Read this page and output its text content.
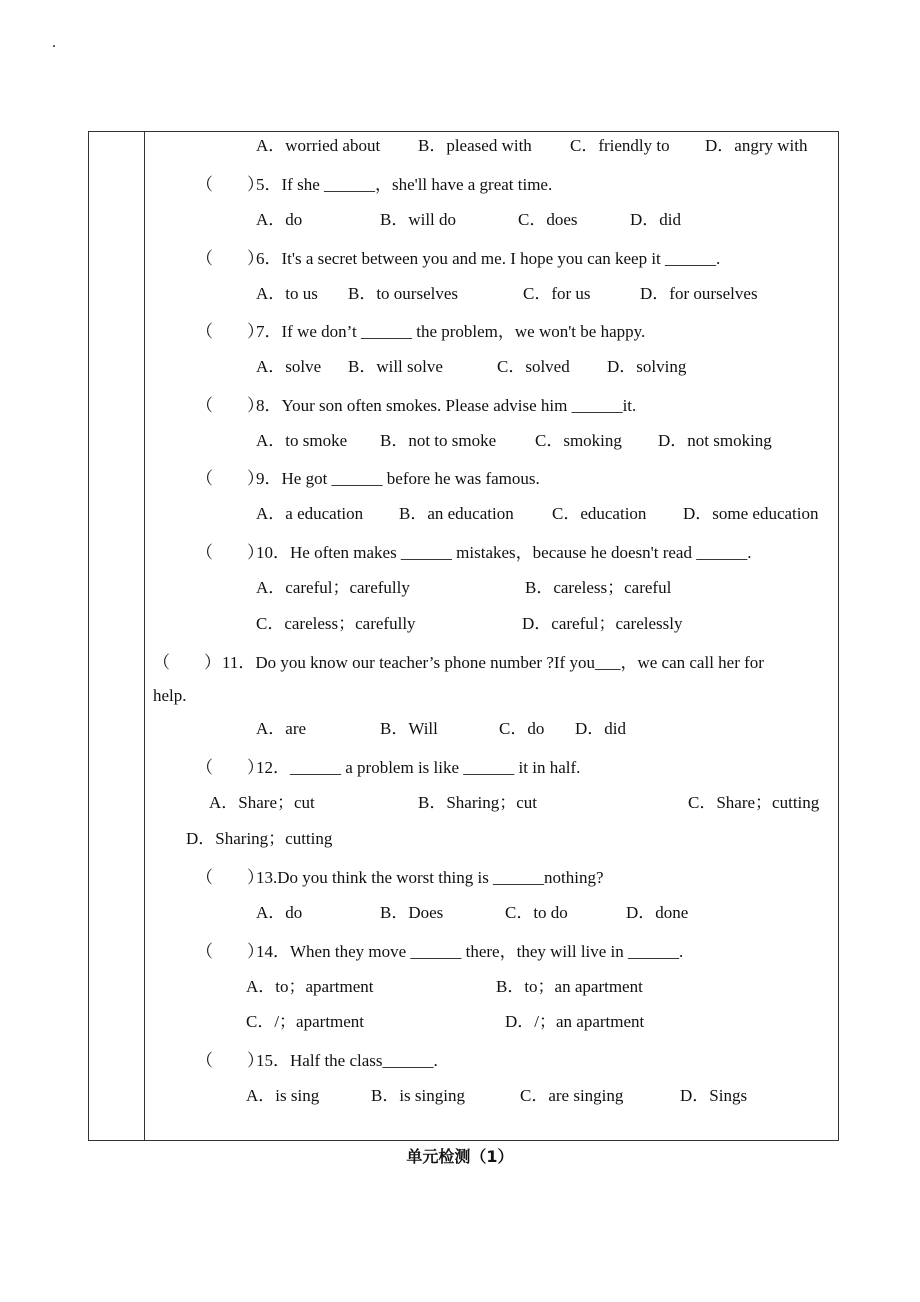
.
A．worried about B．pleased with C．friendly to D．angry with
（　　）
5．If she ______，she'll have a great time.
A．do	B．will do	C．does	D．did
（　　）
6．It's a secret between you and me. I hope you can keep it ______.
A．to us B．to ourselves	C．for us	D．for ourselves
（　　）
7．If we don’t ______ the problem，we won't be happy.
A．solve B．will solve	C．solved D．solving
（　　）
8．Your son often smokes. Please advise him ______it.
A．to smoke B．not to smoke C．smoking D．not smoking
（　　）
9．He got ______ before he was famous.
A．a education B．an education C．education D．some education
（　　）
10．He often makes ______ mistakes，because he doesn't read ______.
A．careful；carefully	B．careless；careful
C．careless；carefully	D．careful；carelessly
（　　） 11．Do you know our teacher’s phone number ?If you___，we can call her for
help.
A．are	B．Will	C．do D．did
（　　）
12．______ a problem is like ______ it in half.
A．Share；cut	B．Sharing；cut	C．Share；cutting
D．Sharing；cutting
（　　）
13.Do you think the worst thing is ______nothing?
A．do	B．Does	C．to do	D．done
（　　）
14．When they move ______ there，they will live in ______.
A．to；apartment	B．to；an apartment
C．/；apartment	D．/；an apartment
（　　）
15．Half the class______.
A．is sing	B．is singing	C．are singing	D．Sings
单元检测（1）
